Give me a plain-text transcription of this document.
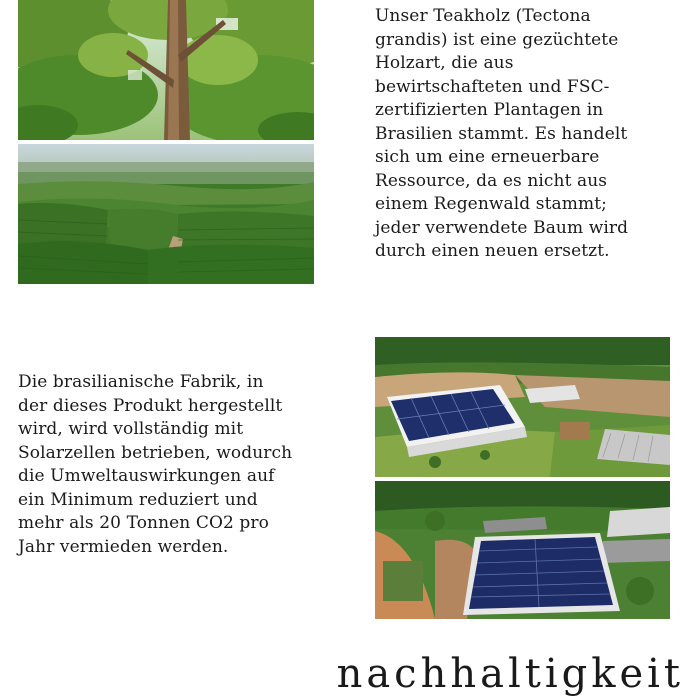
Unser Teakholz (Tectona
grandis) ist eine gezüchtete
Holzart, die aus
bewirtschafteten und FSC-
zertifizierten Plantagen in
Brasilien stammt. Es handelt
sich um eine erneuerbare
Ressource, da es nicht aus
einem Regenwald stammt;
jeder verwendete Baum wird
durch einen neuen ersetzt.

Die brasilianische Fabrik, in
der dieses Produkt hergestellt
wird, wird vollständig mit
Solarzellen betrieben, wodurch
die Umweltauswirkungen auf
ein Minimum reduziert und
mehr als 20 Tonnen CO2 pro
Jahr vermieden werden.

nachhaltigkeit
